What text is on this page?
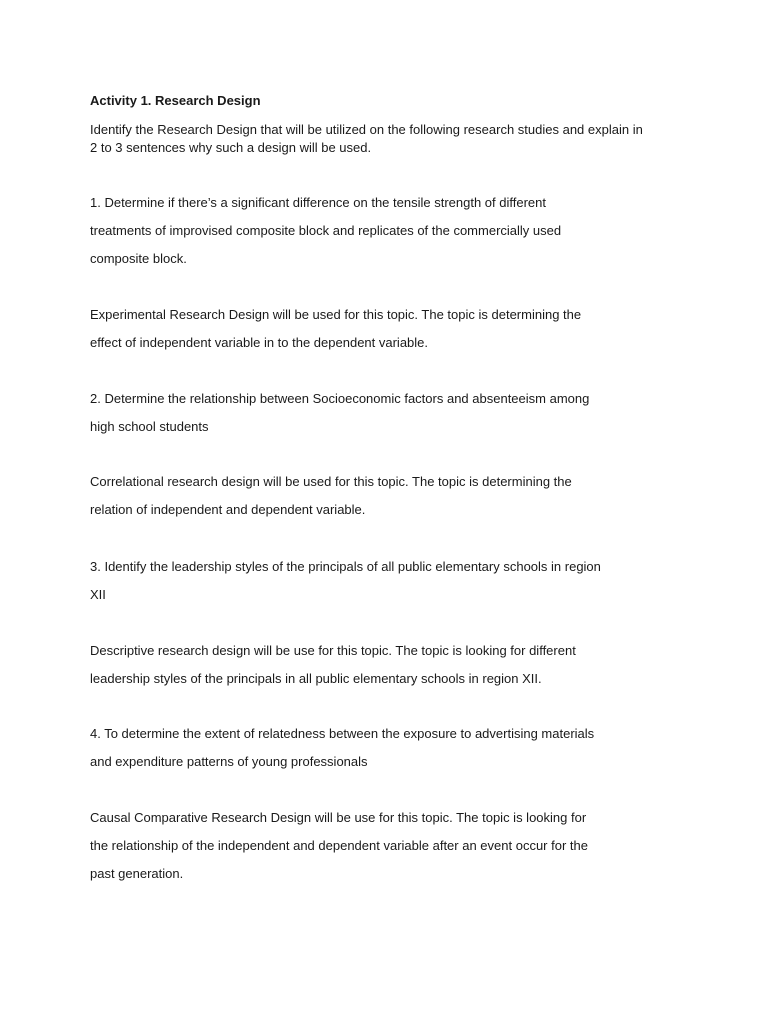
Activity 1. Research Design
Identify the Research Design that will be utilized on the following research studies and explain in
2 to 3 sentences why such a design will be used.
1. Determine if there’s a significant difference on the tensile strength of different
treatments of improvised composite block and replicates of the commercially used
composite block.
Experimental Research Design will be used for this topic. The topic is determining the
effect of independent variable in to the dependent variable.
2. Determine the relationship between Socioeconomic factors and absenteeism among
high school students
Correlational research design will be used for this topic. The topic is determining the
relation of independent and dependent variable.
3. Identify the leadership styles of the principals of all public elementary schools in region
XII
Descriptive research design will be use for this topic. The topic is looking for different
leadership styles of the principals in all public elementary schools in region XII.
4. To determine the extent of relatedness between the exposure to advertising materials
and expenditure patterns of young professionals
Causal Comparative Research Design will be use for this topic. The topic is looking for
the relationship of the independent and dependent variable after an event occur for the
past generation.
